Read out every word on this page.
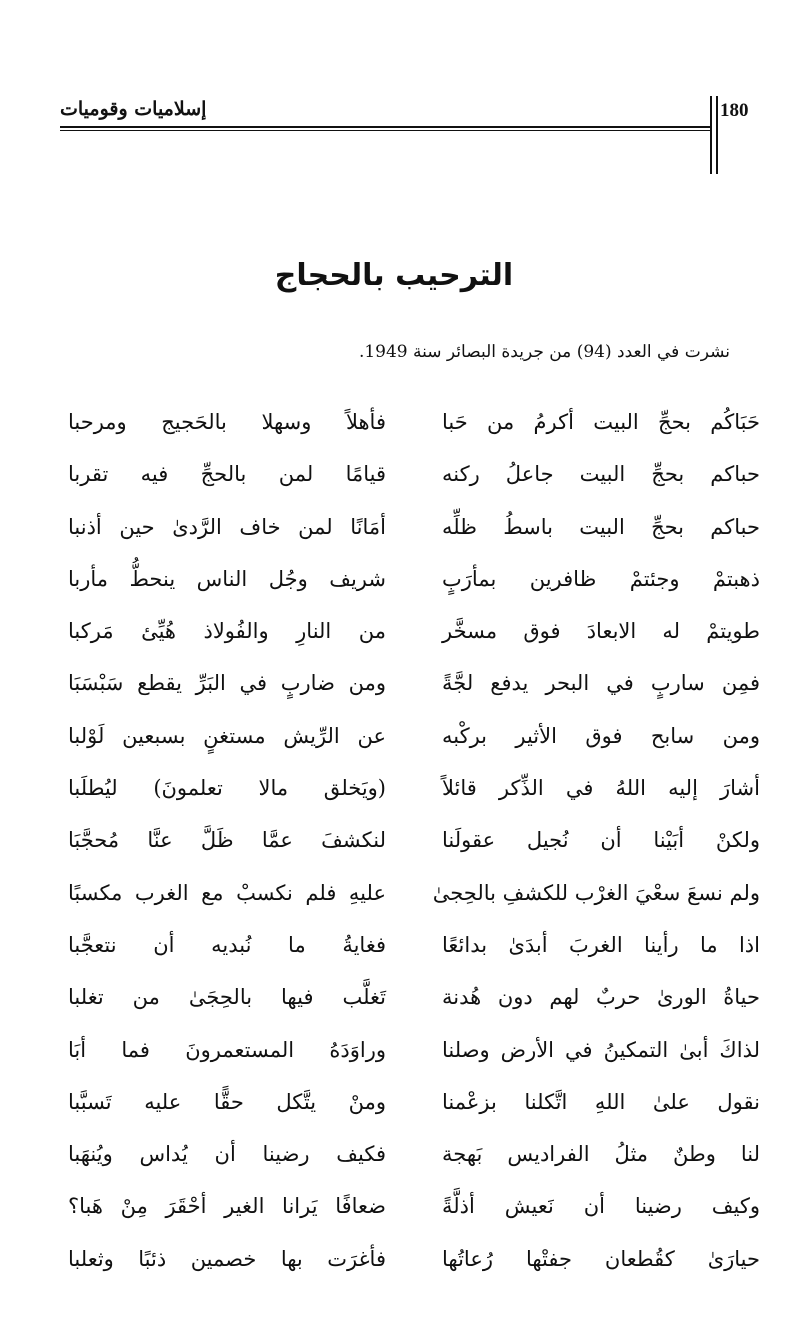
إسلاميات وقوميات	180
الترحيب بالحجاج
نشرت في العدد (94) من جريدة البصائر سنة 1949.
حَبَاكُم بحجِّ البيت أكرمُ من حَبا
فأهلاً وسهلا بالحَجيج ومرحبا
حباكم بحجِّ البيت جاعلُ ركنه
قيامًا لمن بالحجِّ فيه تقربا
حباكم بحجِّ البيت باسطُ ظلِّه
أمَانًا لمن خاف الرَّدىٰ حين أذنبا
ذهبتمْ وجئتمْ ظافرين بمأرَبٍ
شريف وجُل الناس ينحطُّ مأربا
طويتمْ له الابعادَ فوق مسخَّر
من النارِ والفُولاذ هُيِّئ مَركبا
فمِن ساربٍ في البحر يدفع لجَّةً
ومن ضاربٍ في البَرِّ يقطع سَبْسَبَا
ومن سابح فوق الأثير بركْبه
عن الرِّيش مستغنٍ بسبعين لَوْلبا
أشارَ إليه اللهُ في الذِّكر قائلاً
(ويَخلق مالا تعلمونَ) ليُطلَبا
ولكنْ أبَيْنا أن نُجيل عقولَنا
لنكشفَ عمَّا ظَلَّ عنَّا مُحجَّبَا
ولم نسعَ سعْيَ الغرْب للكشفِ بالحِجىٰ
عليهِ فلم نكسبْ مع الغرب مكسبًا
اذا ما رأينا الغربَ أبدَىٰ بدائعًا
فغايةُ ما نُبديه أن نتعجَّبا
حياةُ الورىٰ حربٌ لهم دون هُدنة
تَغلَّب فيها بالحِجَىٰ من تغلبا
لذاكَ أبىٰ التمكينُ في الأرض وصلنا
وراوَدَهُ المستعمرونَ فما أبَا
نقول علىٰ اللهِ اتَّكلنا بزعْمنا
ومنْ يتَّكل حقًّا عليه تَسبَّبا
لنا وطنٌ مثلُ الفراديس بَهجة
فكيف رضينا أن يُداس ويُنهَبا
وكيف رضينا أن نَعيش أذلَّةً
ضعافًا يَرانا الغير أحْقَرَ مِنْ هَبا؟
حيارَىٰ كقُطعان جفتْها رُعاتُها
فأغرَت بها خصمين ذئبًا وثعلبا
